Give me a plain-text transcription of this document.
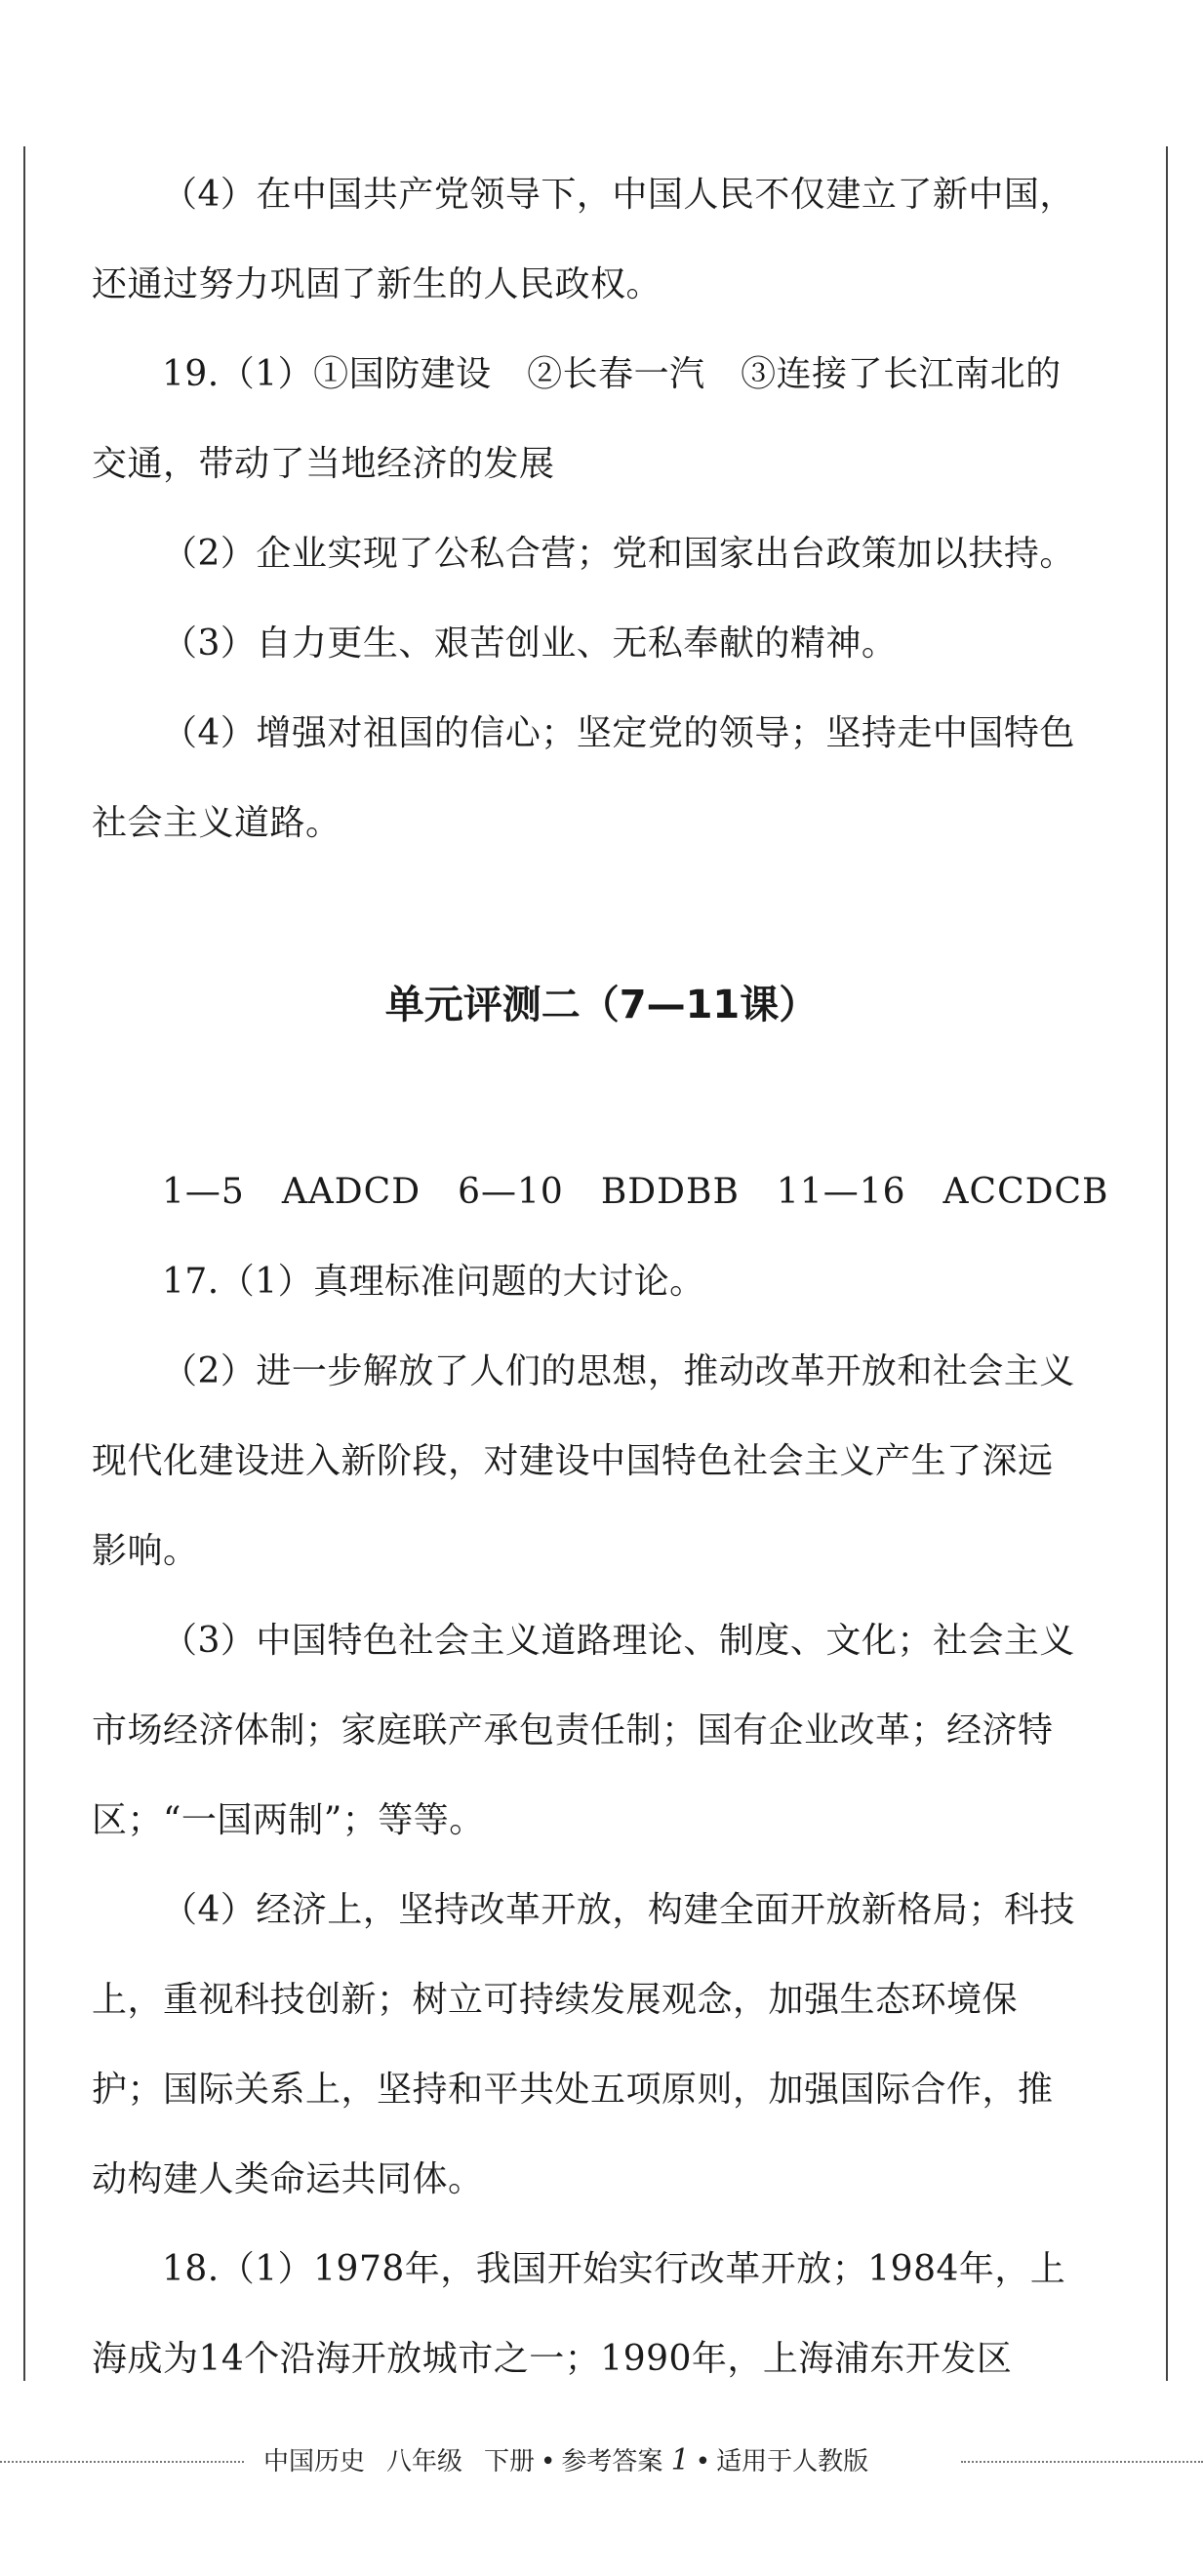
（4）在中国共产党领导下，中国人民不仅建立了新中国，
还通过努力巩固了新生的人民政权。
19.（1）①国防建设　②长春一汽　③连接了长江南北的
交通，带动了当地经济的发展
（2）企业实现了公私合营；党和国家出台政策加以扶持。
（3）自力更生、艰苦创业、无私奉献的精神。
（4）增强对祖国的信心；坚定党的领导；坚持走中国特色
社会主义道路。
单元评测二（7—11课）
1—5 AADCD 6—10 BDDBB 11—16 ACCDCB
17.（1）真理标准问题的大讨论。
（2）进一步解放了人们的思想，推动改革开放和社会主义
现代化建设进入新阶段，对建设中国特色社会主义产生了深远
影响。
（3）中国特色社会主义道路理论、制度、文化；社会主义
市场经济体制；家庭联产承包责任制；国有企业改革；经济特
区；“一国两制”；等等。
（4）经济上，坚持改革开放，构建全面开放新格局；科技
上，重视科技创新；树立可持续发展观念，加强生态环境保
护；国际关系上，坚持和平共处五项原则，加强国际合作，推
动构建人类命运共同体。
18.（1）1978年，我国开始实行改革开放；1984年，上
海成为14个沿海开放城市之一；1990年，上海浦东开发区
中国历史 八年级 下册 • 参考答案 1 • 适用于人教版
